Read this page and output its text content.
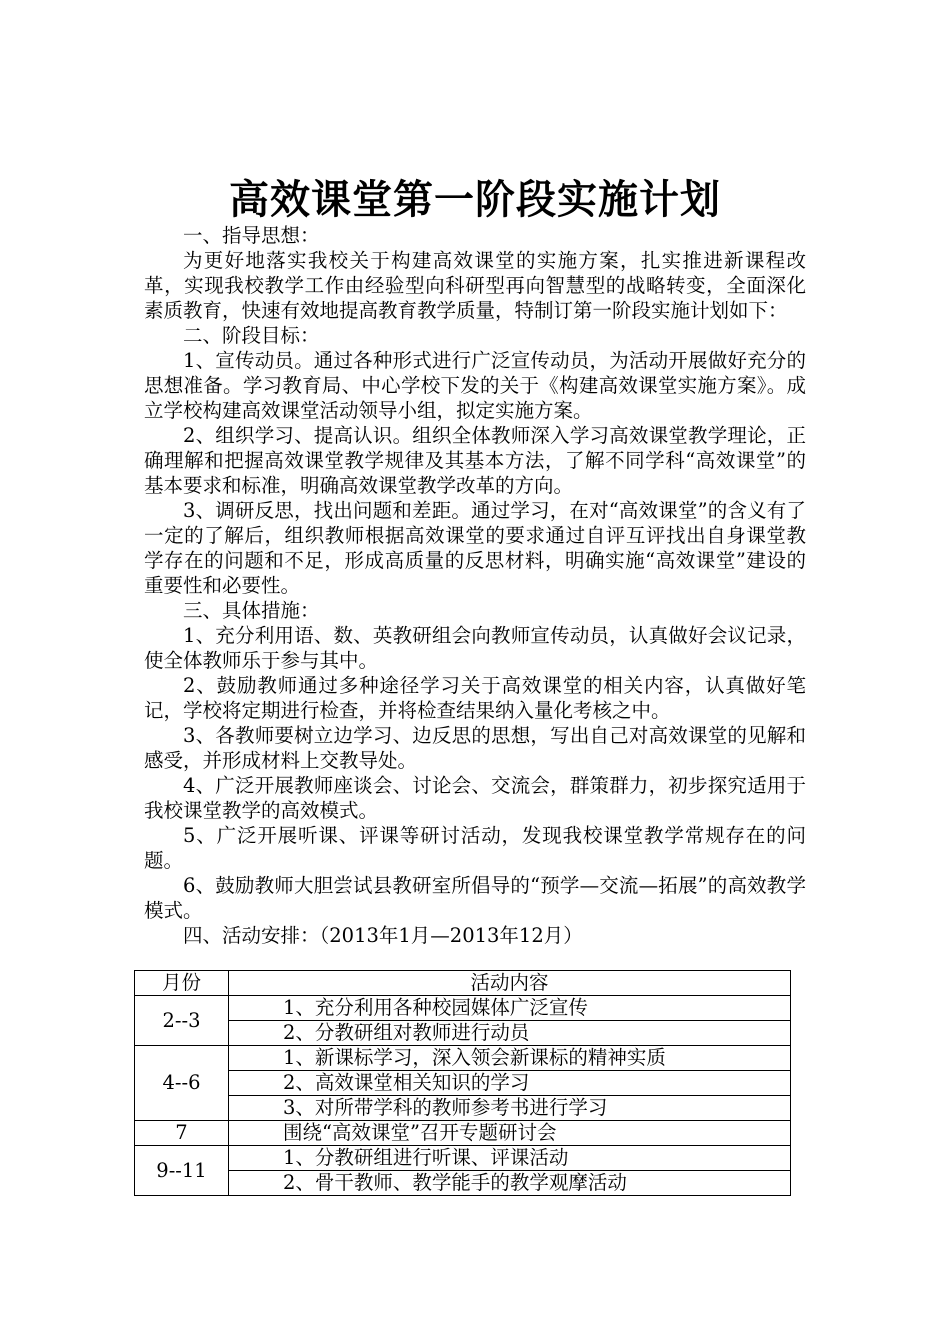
高效课堂第一阶段实施计划

一、指导思想：

为更好地落实我校关于构建高效课堂的实施方案，扎实推进新课程改革，实现我校教学工作由经验型向科研型再向智慧型的战略转变，全面深化素质教育，快速有效地提高教育教学质量，特制订第一阶段实施计划如下：

二、阶段目标：

1、宣传动员。通过各种形式进行广泛宣传动员，为活动开展做好充分的思想准备。学习教育局、中心学校下发的关于《构建高效课堂实施方案》。成立学校构建高效课堂活动领导小组，拟定实施方案。

2、组织学习、提高认识。组织全体教师深入学习高效课堂教学理论，正确理解和把握高效课堂教学规律及其基本方法，了解不同学科“高效课堂”的基本要求和标准，明确高效课堂教学改革的方向。

3、调研反思，找出问题和差距。通过学习，在对“高效课堂”的含义有了一定的了解后，组织教师根据高效课堂的要求通过自评互评找出自身课堂教学存在的问题和不足，形成高质量的反思材料，明确实施“高效课堂”建设的重要性和必要性。

三、具体措施：

1、充分利用语、数、英教研组会向教师宣传动员，认真做好会议记录，使全体教师乐于参与其中。

2、鼓励教师通过多种途径学习关于高效课堂的相关内容，认真做好笔记，学校将定期进行检查，并将检查结果纳入量化考核之中。

3、各教师要树立边学习、边反思的思想，写出自己对高效课堂的见解和感受，并形成材料上交教导处。

4、广泛开展教师座谈会、讨论会、交流会，群策群力，初步探究适用于我校课堂教学的高效模式。

5、广泛开展听课、评课等研讨活动，发现我校课堂教学常规存在的问题。

6、鼓励教师大胆尝试县教研室所倡导的“预学—交流—拓展”的高效教学模式。

四、活动安排：（2013年1月—2013年12月）

月份	活动内容
2--3	1、充分利用各种校园媒体广泛宣传
	2、分教研组对教师进行动员
4--6	1、新课标学习，深入领会新课标的精神实质
	2、高效课堂相关知识的学习
	3、对所带学科的教师参考书进行学习
7	围绕“高效课堂”召开专题研讨会
9--11	1、分教研组进行听课、评课活动
	2、骨干教师、教学能手的教学观摩活动
